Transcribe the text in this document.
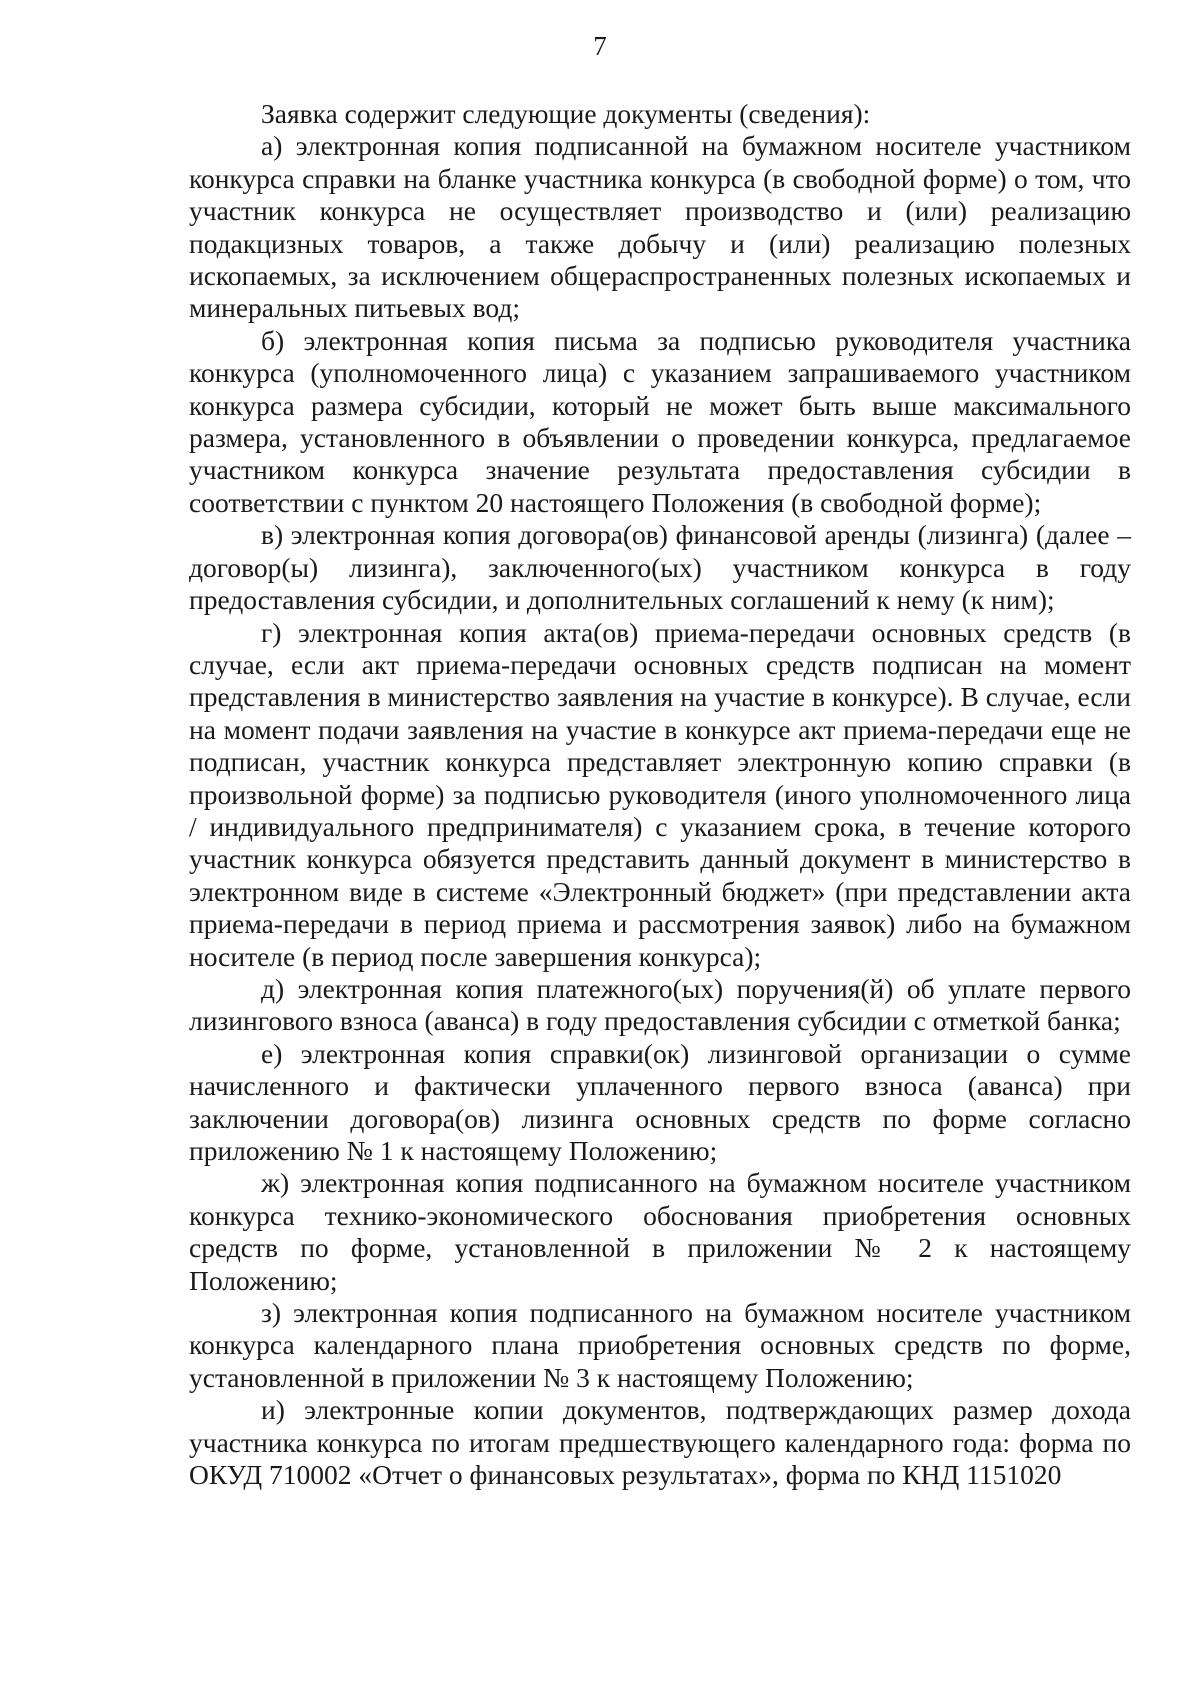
7

Заявка содержит следующие документы (сведения):

а) электронная копия подписанной на бумажном носителе участником конкурса справки на бланке участника конкурса (в свободной форме) о том, что участник конкурса не осуществляет производство и (или) реализацию подакцизных товаров, а также добычу и (или) реализацию полезных ископаемых, за исключением общераспространенных полезных ископаемых и минеральных питьевых вод;

б) электронная копия письма за подписью руководителя участника конкурса (уполномоченного лица) с указанием запрашиваемого участником конкурса размера субсидии, который не может быть выше максимального размера, установленного в объявлении о проведении конкурса, предлагаемое участником конкурса значение результата предоставления субсидии в соответствии с пунктом 20 настоящего Положения (в свободной форме);

в) электронная копия договора(ов) финансовой аренды (лизинга) (далее – договор(ы) лизинга), заключенного(ых) участником конкурса в году предоставления субсидии, и дополнительных соглашений к нему (к ним);

г) электронная копия акта(ов) приема-передачи основных средств (в случае, если акт приема-передачи основных средств подписан на момент представления в министерство заявления на участие в конкурсе). В случае, если на момент подачи заявления на участие в конкурсе акт приема-передачи еще не подписан, участник конкурса представляет электронную копию справки (в произвольной форме) за подписью руководителя (иного уполномоченного лица / индивидуального предпринимателя) с указанием срока, в течение которого участник конкурса обязуется представить данный документ в министерство в электронном виде в системе «Электронный бюджет» (при представлении акта приема-передачи в период приема и рассмотрения заявок) либо на бумажном носителе (в период после завершения конкурса);

д) электронная копия платежного(ых) поручения(й) об уплате первого лизингового взноса (аванса) в году предоставления субсидии с отметкой банка;

е) электронная копия справки(ок) лизинговой организации о сумме начисленного и фактически уплаченного первого взноса (аванса) при заключении договора(ов) лизинга основных средств по форме согласно приложению № 1 к настоящему Положению;

ж) электронная копия подписанного на бумажном носителе участником конкурса технико-экономического обоснования приобретения основных средств по форме, установленной в приложении № 2 к настоящему Положению;

з) электронная копия подписанного на бумажном носителе участником конкурса календарного плана приобретения основных средств по форме, установленной в приложении № 3 к настоящему Положению;

и) электронные копии документов, подтверждающих размер дохода участника конкурса по итогам предшествующего календарного года: форма по ОКУД 710002 «Отчет о финансовых результатах», форма по КНД 1151020
